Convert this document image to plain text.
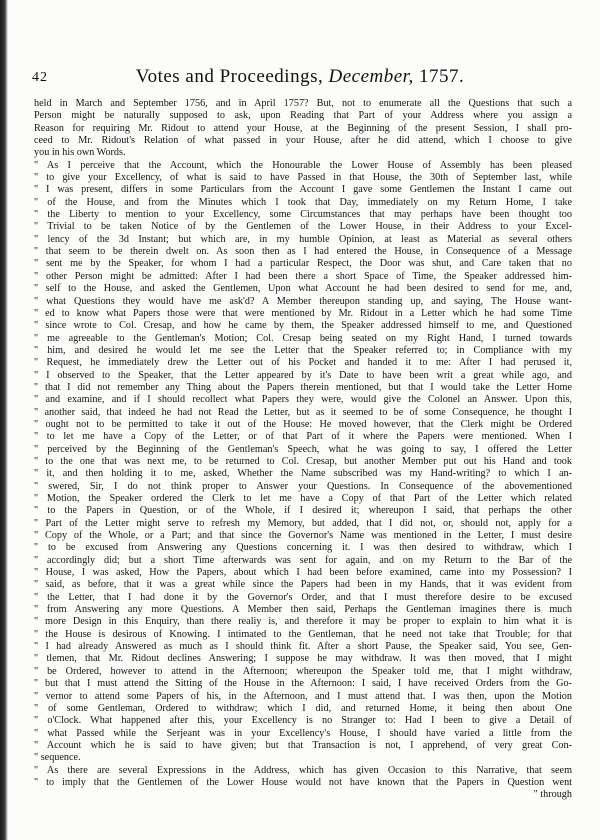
42	Votes and Proceedings, December, 1757.
held in March and September 1756, and in April 1757? But, not to enumerate all the Questions that such a
Person might be naturally supposed to ask, upon Reading that Part of your Address where you assign a
Reason for requiring Mr. Ridout to attend your House, at the Beginning of the present Session, I shall pro-
ceed to Mr. Ridout's Relation of what passed in your House, after he did attend, which I choose to give
you in his own Words.
" As I perceive that the Account, which the Honourable the Lower House of Assembly has been pleased
" to give your Excellency, of what is said to have Passed in that House, the 30th of September last, while
" I was present, differs in some Particulars from the Account I gave some Gentlemen the Instant I came out
" of the House, and from the Minutes which I took that Day, immediately on my Return Home, I take
" the Liberty to mention to your Excellency, some Circumstances that may perhaps have been thought too
" Trivial to be taken Notice of by the Gentlemen of the Lower House, in their Address to your Excel-
" lency of the 3d Instant; but which are, in my humble Opinion, at least as Material as several others
" that seem to be therein dwelt on. As soon then as I had entered the House, in Consequence of a Message
" sent me by the Speaker, for whom I had a particular Respect, the Door was shut, and Care taken that no
" other Person might be admitted: After I had been there a short Space of Time, the Speaker addressed him-
" self to the House, and asked the Gentlemen, Upon what Account he had been desired to send for me, and,
" what Questions they would have me ask'd? A Member thereupon standing up, and saying, The House want-
" ed to know what Papers those were that were mentioned by Mr. Ridout in a Letter which he had some Time
" since wrote to Col. Cresap, and how he came by them, the Speaker addressed himself to me, and Questioned
" me agreeable to the Gentleman's Motion; Col. Cresap being seated on my Right Hand, I turned towards
" him, and desired he would let me see the Letter that the Speaker referred to; in Compliance with my
" Request, he immediately drew the Letter out of his Pocket and handed it to me: After I had perused it,
" I observed to the Speaker, that the Letter appeared by it's Date to have been writ a great while ago, and
" that I did not remember any Thing about the Papers therein mentioned, but that I would take the Letter Home
" and examine, and if I should recollect what Papers they were, would give the Colonel an Answer. Upon this,
" another said, that indeed he had not Read the Letter, but as it seemed to be of some Consequence, he thought I
" ought not to be permitted to take it out of the House: He moved however, that the Clerk might be Ordered
" to let me have a Copy of the Letter, or of that Part of it where the Papers were mentioned. When I
" perceived by the Beginning of the Gentleman's Speech, what he was going to say, I offered the Letter
" to the one that was next me, to be returned to Col. Cresap, but another Member put out his Hand and took
" it, and then holding it to me, asked, Whether the Name subscribed was my Hand-writing? to which I an-
" swered, Sir, I do not think proper to Answer your Questions. In Consequence of the abovementioned
" Motion, the Speaker ordered the Clerk to let me have a Copy of that Part of the Letter which related
" to the Papers in Question, or of the Whole, if I desired it; whereupon I said, that perhaps the other
" Part of the Letter might serve to refresh my Memory, but added, that I did not, or, should not, apply for a
" Copy of the Whole, or a Part; and that since the Governor's Name was mentioned in the Letter, I must desire
" to be excused from Answering any Questions concerning it. I was then desired to withdraw, which I
" accordingly did; but a short Time afterwards was sent for again, and on my Return to the Bar of the
" House, I was asked, How the Papers, about which I had been before examined, came into my Possession? I
" said, as before, that it was a great while since the Papers had been in my Hands, that it was evident from
" the Letter, that I had done it by the Governor's Order, and that I must therefore desire to be excused
" from Answering any more Questions. A Member then said, Perhaps the Gentleman imagines there is much
" more Design in this Enquiry, than there realiy is, and therefore it may be proper to explain to him what it is
" the House is desirous of Knowing. I intimated to the Gentleman, that he need not take that Trouble; for that
" I had already Answered as much as I should think fit. After a short Pause, the Speaker said, You see, Gen-
" tlemen, that Mr. Ridout declines Answering; I suppose he may withdraw. It was then moved, that I might
" be Ordered, however to attend in the Afternoon; whereupon the Speaker told me, that I might withdraw,
" but that I must attend the Sitting of the House in the Afternoon: I said, I have received Orders from the Go-
" vernor to attend some Papers of his, in the Afternoon, and I must attend that. I was then, upon the Motion
" of some Gentleman, Ordered to withdraw; which I did, and returned Home, it being then about One
" o'Clock. What happened after this, your Excellency is no Stranger to: Had I been to give a Detail of
" what Passed while the Serjeant was in your Excellency's House, I should have varied a little from the
" Account which he is said to have given; but that Transaction is not, I apprehend, of very great Con-
" sequence.
" As there are several Expressions in the Address, which has given Occasion to this Narrative, that seem
" to imply that the Gentlemen of the Lower House would not have known that the Papers in Question went
" through
